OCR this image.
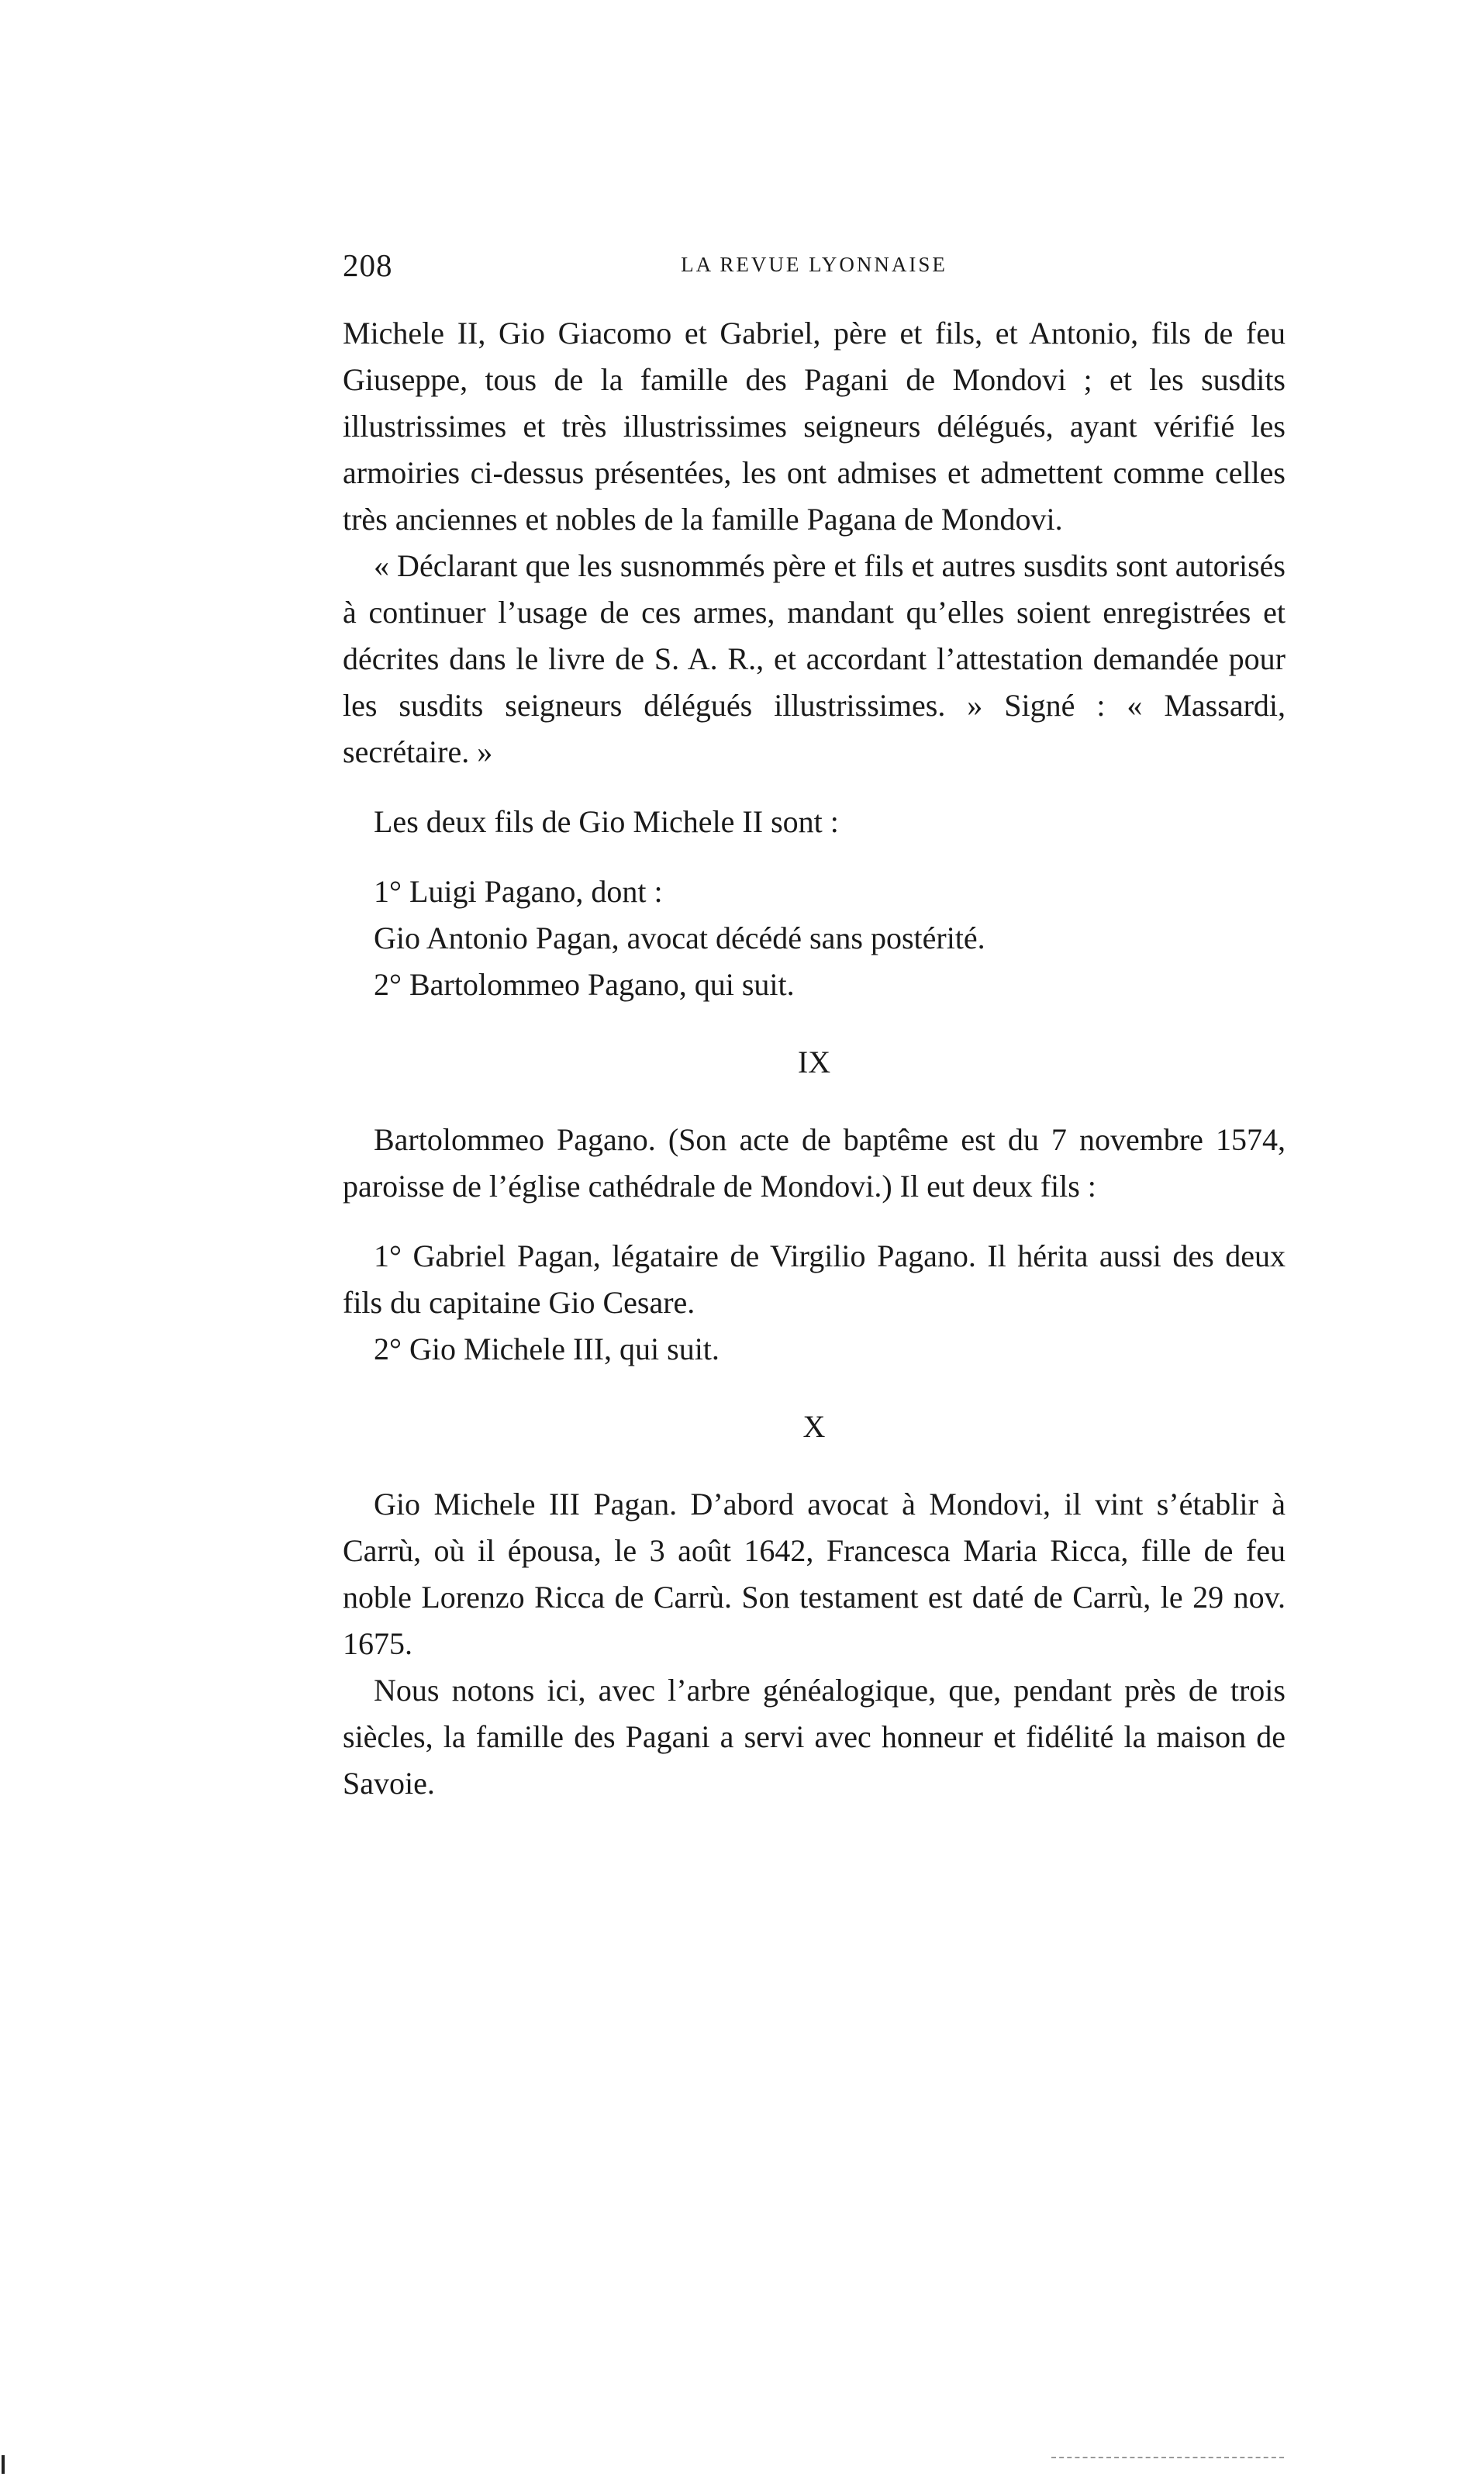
208	LA REVUE LYONNAISE

Michele II, Gio Giacomo et Gabriel, père et fils, et Antonio, fils de feu Giuseppe, tous de la famille des Pagani de Mondovi ; et les susdits illustrissimes et très illustrissimes seigneurs délégués, ayant vérifié les armoiries ci-dessus présentées, les ont admises et admettent comme celles très anciennes et nobles de la famille Pagana de Mondovi.

« Déclarant que les susnommés père et fils et autres susdits sont autorisés à continuer l’usage de ces armes, mandant qu’elles soient enregistrées et décrites dans le livre de S. A. R., et accordant l’attestation demandée pour les susdits seigneurs délégués illustrissimes. » Signé : « Massardi, secrétaire. »

Les deux fils de Gio Michele II sont :

1° Luigi Pagano, dont :

Gio Antonio Pagan, avocat décédé sans postérité.

2° Bartolommeo Pagano, qui suit.

IX

Bartolommeo Pagano. (Son acte de baptême est du 7 novembre 1574, paroisse de l’église cathédrale de Mondovi.) Il eut deux fils :

1° Gabriel Pagan, légataire de Virgilio Pagano. Il hérita aussi des deux fils du capitaine Gio Cesare.

2° Gio Michele III, qui suit.

X

Gio Michele III Pagan. D’abord avocat à Mondovi, il vint s’établir à Carrù, où il épousa, le 3 août 1642, Francesca Maria Ricca, fille de feu noble Lorenzo Ricca de Carrù. Son testament est daté de Carrù, le 29 nov. 1675.

Nous notons ici, avec l’arbre généalogique, que, pendant près de trois siècles, la famille des Pagani a servi avec honneur et fidélité la maison de Savoie.
